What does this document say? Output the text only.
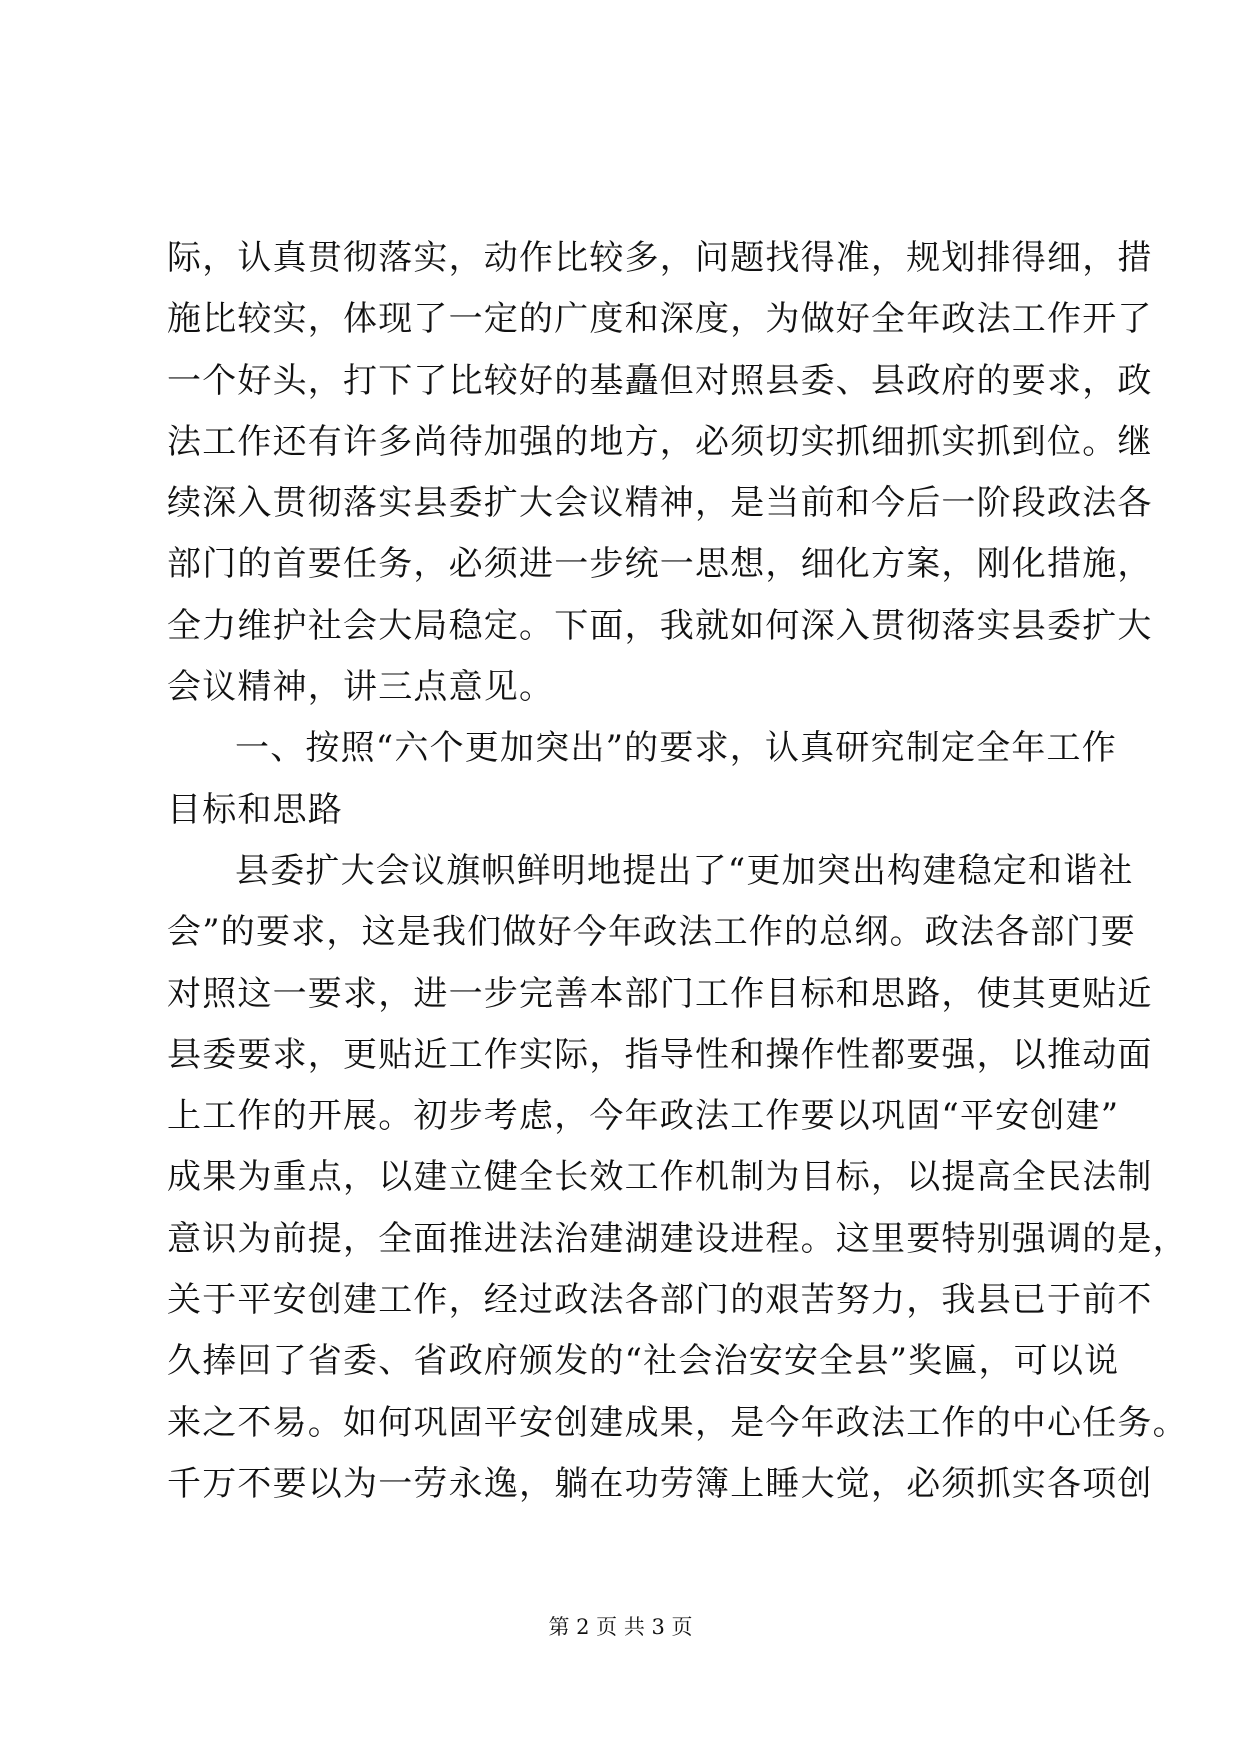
际，认真贯彻落实，动作比较多，问题找得准，规划排得细，措
施比较实，体现了一定的广度和深度，为做好全年政法工作开了
一个好头，打下了比较好的基矗但对照县委、县政府的要求，政
法工作还有许多尚待加强的地方，必须切实抓细抓实抓到位。继
续深入贯彻落实县委扩大会议精神，是当前和今后一阶段政法各
部门的首要任务，必须进一步统一思想，细化方案，刚化措施，
全力维护社会大局稳定。下面，我就如何深入贯彻落实县委扩大
会议精神，讲三点意见。
一、按照“六个更加突出”的要求，认真研究制定全年工作
目标和思路
县委扩大会议旗帜鲜明地提出了“更加突出构建稳定和谐社
会”的要求，这是我们做好今年政法工作的总纲。政法各部门要
对照这一要求，进一步完善本部门工作目标和思路，使其更贴近
县委要求，更贴近工作实际，指导性和操作性都要强，以推动面
上工作的开展。初步考虑，今年政法工作要以巩固“平安创建”
成果为重点，以建立健全长效工作机制为目标，以提高全民法制
意识为前提，全面推进法治建湖建设进程。这里要特别强调的是，
关于平安创建工作，经过政法各部门的艰苦努力，我县已于前不
久捧回了省委、省政府颁发的“社会治安安全县”奖匾，可以说
来之不易。如何巩固平安创建成果，是今年政法工作的中心任务。
千万不要以为一劳永逸，躺在功劳簿上睡大觉，必须抓实各项创
第 2 页 共 3 页
